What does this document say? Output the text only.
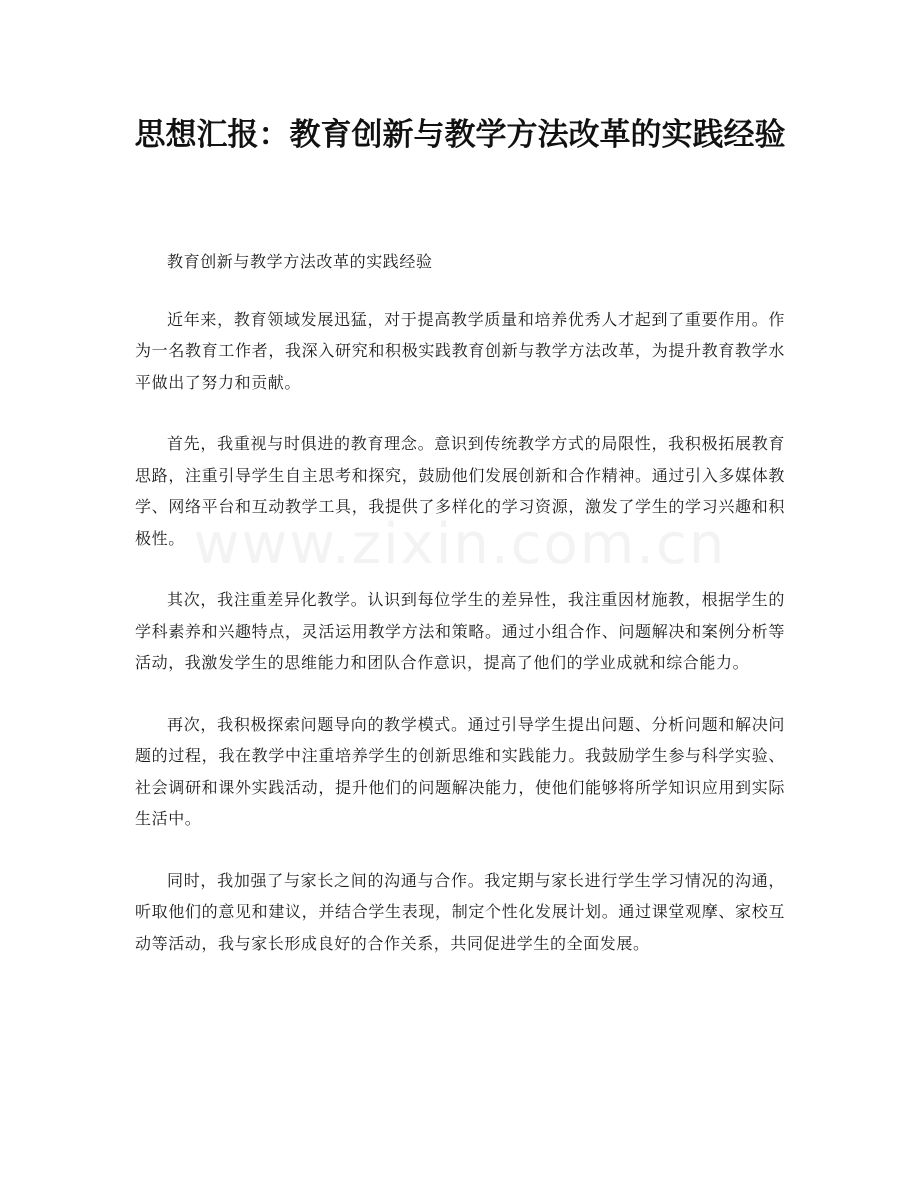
思想汇报：教育创新与教学方法改革的实践经验
www.zixin.com.cn

教育创新与教学方法改革的实践经验

近年来，教育领域发展迅猛，对于提高教学质量和培养优秀人才起到了重要作用。作为一名教育工作者，我深入研究和积极实践教育创新与教学方法改革，为提升教育教学水平做出了努力和贡献。

首先，我重视与时俱进的教育理念。意识到传统教学方式的局限性，我积极拓展教育思路，注重引导学生自主思考和探究，鼓励他们发展创新和合作精神。通过引入多媒体教学、网络平台和互动教学工具，我提供了多样化的学习资源，激发了学生的学习兴趣和积极性。

其次，我注重差异化教学。认识到每位学生的差异性，我注重因材施教，根据学生的学科素养和兴趣特点，灵活运用教学方法和策略。通过小组合作、问题解决和案例分析等活动，我激发学生的思维能力和团队合作意识，提高了他们的学业成就和综合能力。

再次，我积极探索问题导向的教学模式。通过引导学生提出问题、分析问题和解决问题的过程，我在教学中注重培养学生的创新思维和实践能力。我鼓励学生参与科学实验、社会调研和课外实践活动，提升他们的问题解决能力，使他们能够将所学知识应用到实际生活中。

同时，我加强了与家长之间的沟通与合作。我定期与家长进行学生学习情况的沟通，听取他们的意见和建议，并结合学生表现，制定个性化发展计划。通过课堂观摩、家校互动等活动，我与家长形成良好的合作关系，共同促进学生的全面发展。
